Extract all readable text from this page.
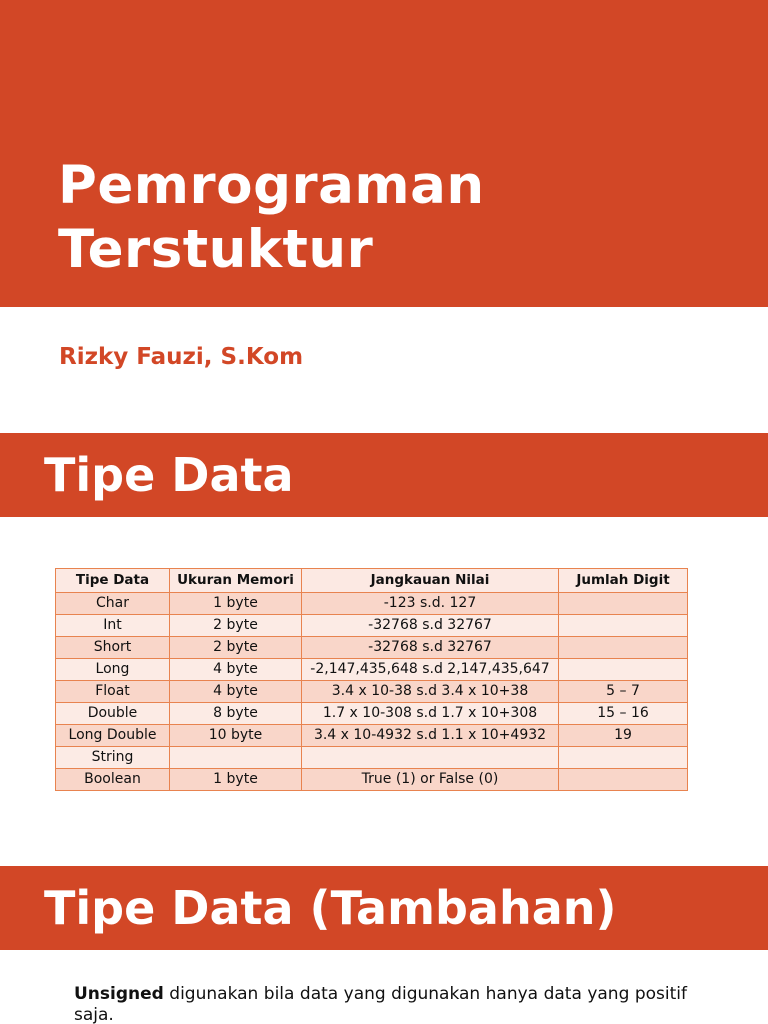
Pemrograman
Terstuktur
Rizky Fauzi, S.Kom
Tipe Data
Tipe Data	Ukuran Memori	Jangkauan Nilai	Jumlah Digit
Char	1 byte	-123 s.d. 127	
Int	2 byte	-32768 s.d 32767	
Short	2 byte	-32768 s.d 32767	
Long	4 byte	-2,147,435,648 s.d 2,147,435,647	
Float	4 byte	3.4 x 10-38 s.d 3.4 x 10+38	5 – 7
Double	8 byte	1.7 x 10-308 s.d 1.7 x 10+308	15 – 16
Long Double	10 byte	3.4 x 10-4932 s.d 1.1 x 10+4932	19
String			
Boolean	1 byte	True (1) or False (0)	
Tipe Data (Tambahan)

Unsigned digunakan bila data yang digunakan hanya data yang positif saja.
